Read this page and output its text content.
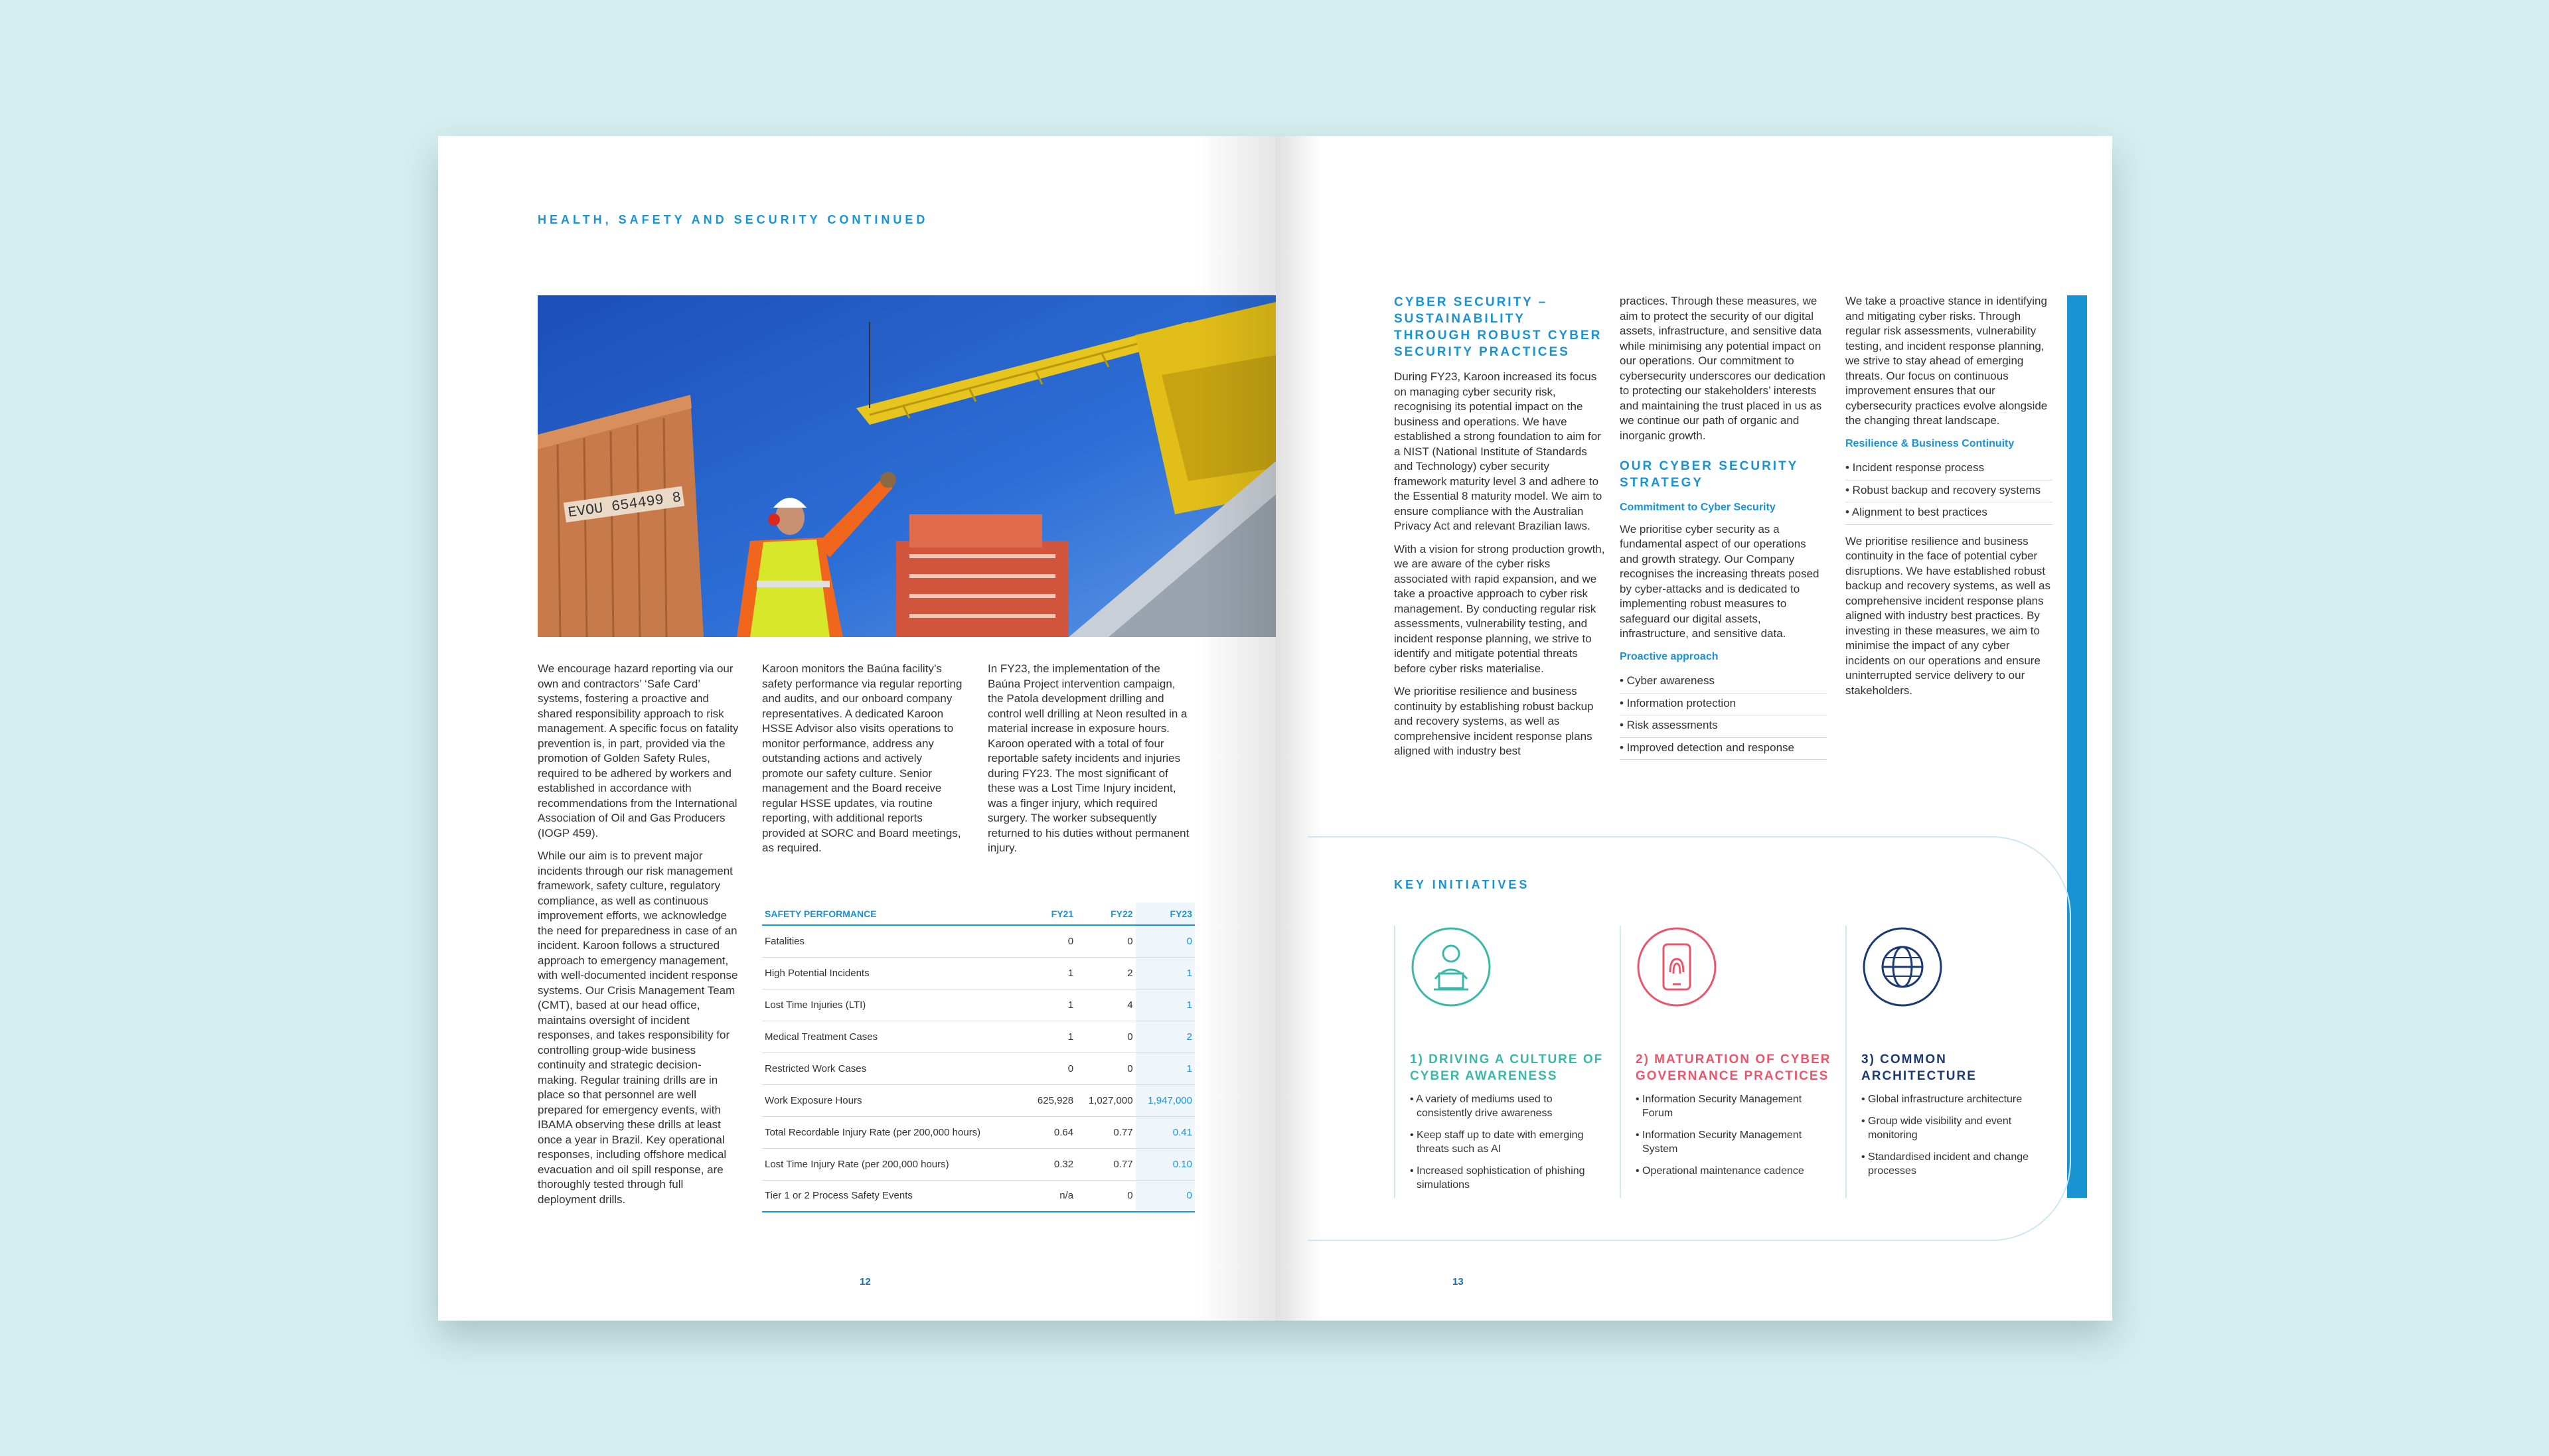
HEALTH, SAFETY AND SECURITY CONTINUED
EVOU 654499 8

We encourage hazard reporting via our own and contractors’ ‘Safe Card’ systems, fostering a proactive and shared responsibility approach to risk management. A specific focus on fatality prevention is, in part, provided via the promotion of Golden Safety Rules, required to be adhered by workers and established in accordance with recommendations from the International Association of Oil and Gas Producers (IOGP 459).

While our aim is to prevent major incidents through our risk management framework, safety culture, regulatory compliance, as well as continuous improvement efforts, we acknowledge the need for preparedness in case of an incident. Karoon follows a structured approach to emergency management, with well-documented incident response systems. Our Crisis Management Team (CMT), based at our head office, maintains oversight of incident responses, and takes responsibility for controlling group-wide business continuity and strategic decision-making. Regular training drills are in place so that personnel are well prepared for emergency events, with IBAMA observing these drills at least once a year in Brazil. Key operational responses, including offshore medical evacuation and oil spill response, are thoroughly tested through full deployment drills.

Karoon monitors the Baúna facility’s safety performance via regular reporting and audits, and our onboard company representatives. A dedicated Karoon HSSE Advisor also visits operations to monitor performance, address any outstanding actions and actively promote our safety culture. Senior management and the Board receive regular HSSE updates, via routine reporting, with additional reports provided at SORC and Board meetings, as required.

In FY23, the implementation of the Baúna Project intervention campaign, the Patola development drilling and control well drilling at Neon resulted in a material increase in exposure hours. Karoon operated with a total of four reportable safety incidents and injuries during FY23. The most significant of these was a Lost Time Injury incident, was a finger injury, which required surgery. The worker subsequently returned to his duties without permanent injury.

SAFETY PERFORMANCE	FY21	FY22	FY23
Fatalities	0	0	0
High Potential Incidents	1	2	1
Lost Time Injuries (LTI)	1	4	1
Medical Treatment Cases	1	0	2
Restricted Work Cases	0	0	1
Work Exposure Hours	625,928	1,027,000	1,947,000
Total Recordable Injury Rate (per 200,000 hours)	0.64	0.77	0.41
Lost Time Injury Rate (per 200,000 hours)	0.32	0.77	0.10
Tier 1 or 2 Process Safety Events	n/a	0	0
12
CYBER SECURITY – SUSTAINABILITY THROUGH ROBUST CYBER SECURITY PRACTICES

During FY23, Karoon increased its focus on managing cyber security risk, recognising its potential impact on the business and operations. We have established a strong foundation to aim for a NIST (National Institute of Standards and Technology) cyber security framework maturity level 3 and adhere to the Essential 8 maturity model. We aim to ensure compliance with the Australian Privacy Act and relevant Brazilian laws.

With a vision for strong production growth, we are aware of the cyber risks associated with rapid expansion, and we take a proactive approach to cyber risk management. By conducting regular risk assessments, vulnerability testing, and incident response planning, we strive to identify and mitigate potential threats before cyber risks materialise.

We prioritise resilience and business continuity by establishing robust backup and recovery systems, as well as comprehensive incident response plans aligned with industry best

practices. Through these measures, we aim to protect the security of our digital assets, infrastructure, and sensitive data while minimising any potential impact on our operations. Our commitment to cybersecurity underscores our dedication to protecting our stakeholders’ interests and maintaining the trust placed in us as we continue our path of organic and inorganic growth.

OUR CYBER SECURITY STRATEGY
Commitment to Cyber Security

We prioritise cyber security as a fundamental aspect of our operations and growth strategy. Our Company recognises the increasing threats posed by cyber-attacks and is dedicated to implementing robust measures to safeguard our digital assets, infrastructure, and sensitive data.

Proactive approach
• Cyber awareness
• Information protection
• Risk assessments
• Improved detection and response

We take a proactive stance in identifying and mitigating cyber risks. Through regular risk assessments, vulnerability testing, and incident response planning, we strive to stay ahead of emerging threats. Our focus on continuous improvement ensures that our cybersecurity practices evolve alongside the changing threat landscape.

Resilience & Business Continuity
• Incident response process
• Robust backup and recovery systems
• Alignment to best practices

We prioritise resilience and business continuity in the face of potential cyber disruptions. We have established robust backup and recovery systems, as well as comprehensive incident response plans aligned with industry best practices. By investing in these measures, we aim to minimise the impact of any cyber incidents on our operations and ensure uninterrupted service delivery to our stakeholders.

KEY INITIATIVES
1) DRIVING A CULTURE OF CYBER AWARENESS
• A variety of mediums used to consistently drive awareness
• Keep staff up to date with emerging threats such as AI
• Increased sophistication of phishing simulations
2) MATURATION OF CYBER GOVERNANCE PRACTICES
• Information Security Management Forum
• Information Security Management System
• Operational maintenance cadence
3) COMMON ARCHITECTURE
• Global infrastructure architecture
• Group wide visibility and event monitoring
• Standardised incident and change processes
13
